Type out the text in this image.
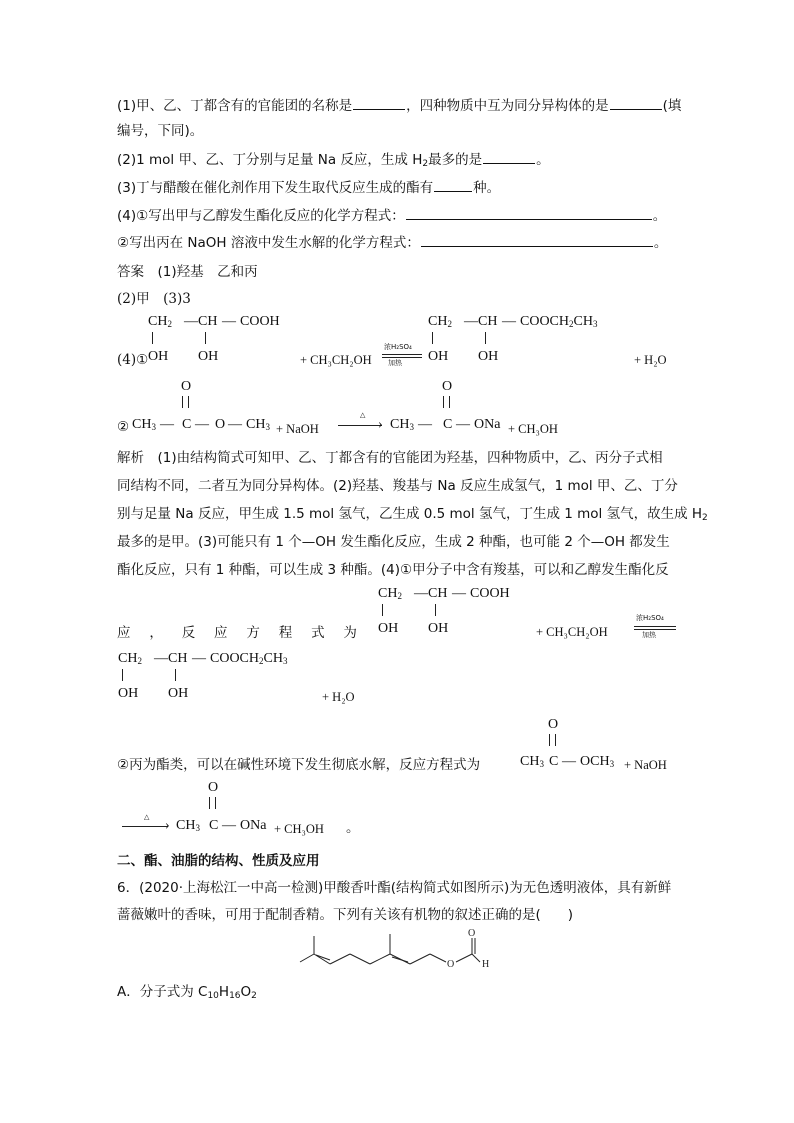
(1)甲、乙、丁都含有的官能团的名称是	，四种物质中互为同分异构体的是	(填
编号，下同)。
(2)1 mol 甲、乙、丁分别与足量 Na 反应，生成 $H_2$最多的是	。
(3)丁与醋酸在催化剂作用下发生取代反应生成的酯有	种。
(4)①写出甲与乙醇发生酯化反应的化学方程式：	。
②写出丙在 NaOH 溶液中发生水解的化学方程式：	。
答案　 (1)羟基　乙和丙
(2)甲　(3)3
$CH_2$ — CH — COOH
(4)① OH OH	+ CH₃CH₂OH
浓H₂SO₄
加热
$CH_2$ — CH — $COOCH_2CH_3$
OH OH	+ H₂O
O
② $CH_3$ — C — O — $CH_3$ + NaOH
△
›
O
$CH_3$ — C — ONa + CH₃OH
解析　 (1)由结构简式可知甲、乙、丁都含有的官能团为羟基，四种物质中，乙、丙分子式相
同结构不同，二者互为同分异构体。(2)羟基、羧基与 Na 反应生成氢气，1 mol 甲、乙、丁分
别与足量 Na 反应，甲生成 1.5 mol 氢气，乙生成 0.5 mol 氢气，丁生成 1 mol 氢气，故生成 $H_2$
最多的是甲。(3)可能只有 1 个—OH 发生酯化反应，生成 2 种酯，也可能 2 个—OH 都发生
酯化反应，只有 1 种酯，可以生成 3 种酯。(4)①甲分子中含有羧基，可以和乙醇发生酯化反
$CH_2$ — CH — COOH
应 ， 反 应 方 程 式 为 OH OH	+ CH₃CH₂OH
浓H₂SO₄
加热
$CH_2$ — CH — $COOCH_2CH_3$
OH OH	+ H₂O
②丙为酯类，可以在碱性环境下发生彻底水解，反应方程式为
O
$CH_3$ C — $OCH_3$ + NaOH
△
›
O
$CH_3$ C — ONa + CH₃OH 。
二、酯、油脂的结构、性质及应用
6．(2020·上海松江一中高一检测)甲酸香叶酯(结构简式如图所示)为无色透明液体，具有新鲜
蔷薇嫩叶的香味，可用于配制香精。下列有关该有机物的叙述正确的是(　　)
O
O
H
A．分子式为 $C_{10}H_{16}O_2$
